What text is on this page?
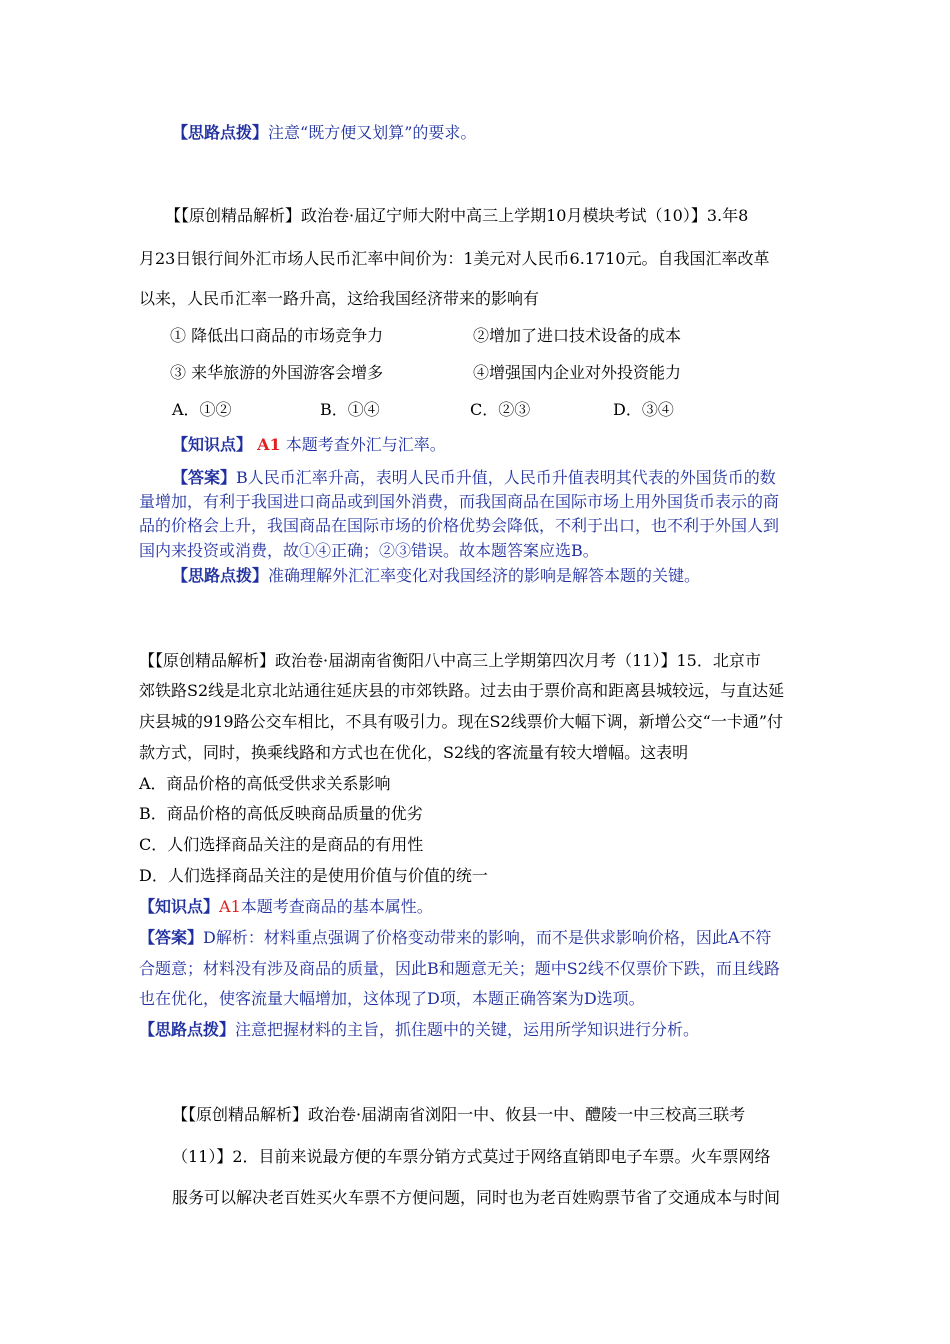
【思路点拨】注意“既方便又划算”的要求。
【【原创精品解析】政治卷·届辽宁师大附中高三上学期10月模块考试（10）】3.年8
月23日银行间外汇市场人民币汇率中间价为：1美元对人民币6.1710元。自我国汇率改革
以来，人民币汇率一路升高，这给我国经济带来的影响有
① 降低出口商品的市场竞争力	②增加了进口技术设备的成本
③ 来华旅游的外国游客会增多	④增强国内企业对外投资能力
A．①②	B．①④	C．②③	D．③④
【知识点】 A1 本题考查外汇与汇率。
【答案】B人民币汇率升高，表明人民币升值，人民币升值表明其代表的外国货币的数
量增加，有利于我国进口商品或到国外消费，而我国商品在国际市场上用外国货币表示的商
品的价格会上升，我国商品在国际市场的价格优势会降低，不利于出口，也不利于外国人到
国内来投资或消费，故①④正确；②③错误。故本题答案应选B。
【思路点拨】准确理解外汇汇率变化对我国经济的影响是解答本题的关键。
【【原创精品解析】政治卷·届湖南省衡阳八中高三上学期第四次月考（11）】15．北京市
郊铁路S2线是北京北站通往延庆县的市郊铁路。过去由于票价高和距离县城较远，与直达延
庆县城的919路公交车相比，不具有吸引力。现在S2线票价大幅下调，新增公交“一卡通”付
款方式，同时，换乘线路和方式也在优化，S2线的客流量有较大增幅。这表明
A．商品价格的高低受供求关系影响
B．商品价格的高低反映商品质量的优劣
C．人们选择商品关注的是商品的有用性
D．人们选择商品关注的是使用价值与价值的统一
【知识点】A1本题考查商品的基本属性。
【答案】D解析：材料重点强调了价格变动带来的影响，而不是供求影响价格，因此A不符
合题意；材料没有涉及商品的质量，因此B和题意无关；题中S2线不仅票价下跌，而且线路
也在优化，使客流量大幅增加，这体现了D项，本题正确答案为D选项。
【思路点拨】注意把握材料的主旨，抓住题中的关键，运用所学知识进行分析。
【【原创精品解析】政治卷·届湖南省浏阳一中、攸县一中、醴陵一中三校高三联考
（11）】2．目前来说最方便的车票分销方式莫过于网络直销即电子车票。火车票网络
服务可以解决老百姓买火车票不方便问题，同时也为老百姓购票节省了交通成本与时间
